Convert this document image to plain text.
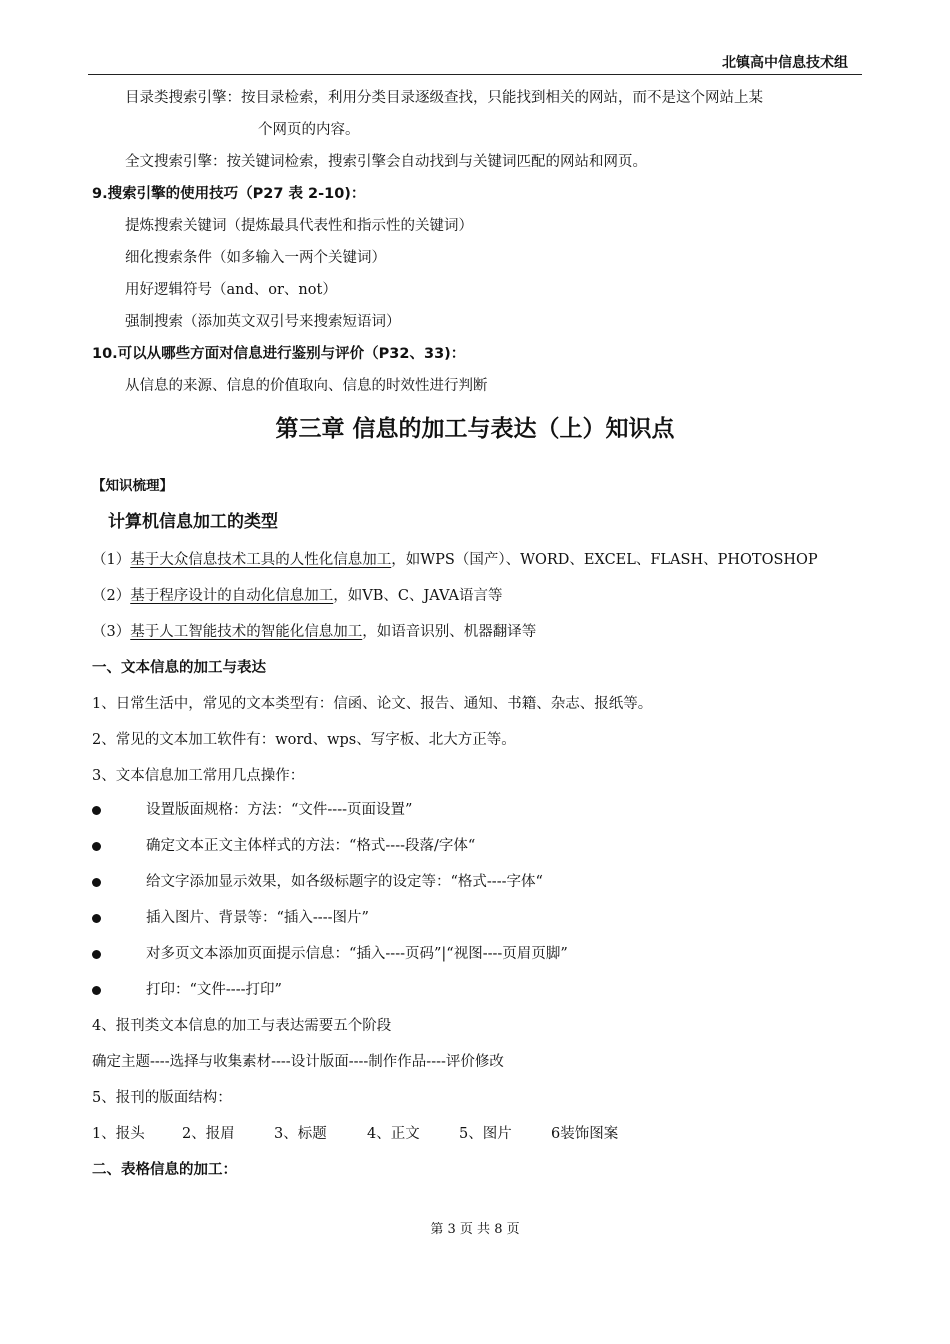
北镇高中信息技术组
目录类搜索引擎：按目录检索，利用分类目录逐级查找，只能找到相关的网站，而不是这个网站上某
个网页的内容。
全文搜索引擎：按关键词检索，搜索引擎会自动找到与关键词匹配的网站和网页。
9.搜索引擎的使用技巧（P27 表 2-10)：
提炼搜索关键词（提炼最具代表性和指示性的关键词）
细化搜索条件（如多输入一两个关键词）
用好逻辑符号（and、or、not）
强制搜索（添加英文双引号来搜索短语词）
10.可以从哪些方面对信息进行鉴别与评价（P32、33)：
从信息的来源、信息的价值取向、信息的时效性进行判断
第三章 信息的加工与表达（上）知识点
【知识梳理】
计算机信息加工的类型
（1）基于大众信息技术工具的人性化信息加工，如WPS（国产）、WORD、EXCEL、FLASH、PHOTOSHOP
（2）基于程序设计的自动化信息加工，如VB、C、JAVA语言等
（3）基于人工智能技术的智能化信息加工，如语音识别、机器翻译等
一、文本信息的加工与表达
1、日常生活中，常见的文本类型有：信函、论文、报告、通知、书籍、杂志、报纸等。
2、常见的文本加工软件有：word、wps、写字板、北大方正等。
3、文本信息加工常用几点操作：
设置版面规格：方法：“文件----页面设置”
确定文本正文主体样式的方法：“格式----段落/字体“
给文字添加显示效果，如各级标题字的设定等：“格式----字体“
插入图片、背景等：“插入----图片”
对多页文本添加页面提示信息：“插入----页码”|“视图----页眉页脚”
打印：“文件----打印”
4、报刊类文本信息的加工与表达需要五个阶段
确定主题----选择与收集素材----设计版面----制作作品----评价修改
5、报刊的版面结构：
1、报头	2、报眉	3、标题	4、正文	5、图片	6装饰图案
二、表格信息的加工：
第 3 页 共 8 页
